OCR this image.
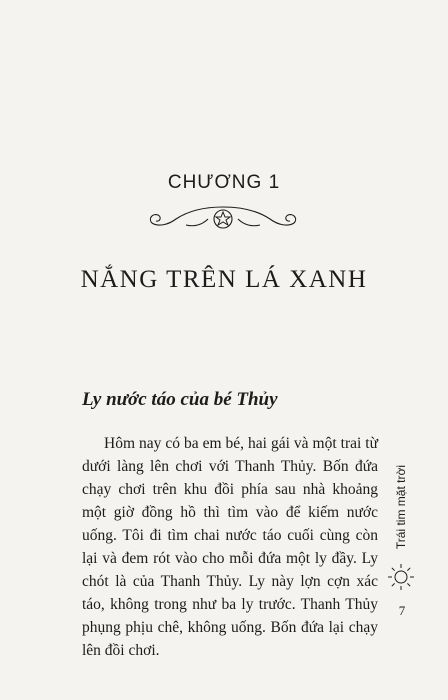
CHƯƠNG 1
NẮNG TRÊN LÁ XANH
Ly nước táo của bé Thủy

Hôm nay có ba em bé, hai gái và một trai từ dưới làng lên chơi với Thanh Thủy. Bốn đứa chạy chơi trên khu đồi phía sau nhà khoảng một giờ đồng hồ thì tìm vào để kiếm nước uống. Tôi đi tìm chai nước táo cuối cùng còn lại và đem rót vào cho mỗi đứa một ly đầy. Ly chót là của Thanh Thủy. Ly này lợn cợn xác táo, không trong như ba ly trước. Thanh Thủy phụng phịu chê, không uống. Bốn đứa lại chạy lên đồi chơi.

Trái tim mặt trời
7
